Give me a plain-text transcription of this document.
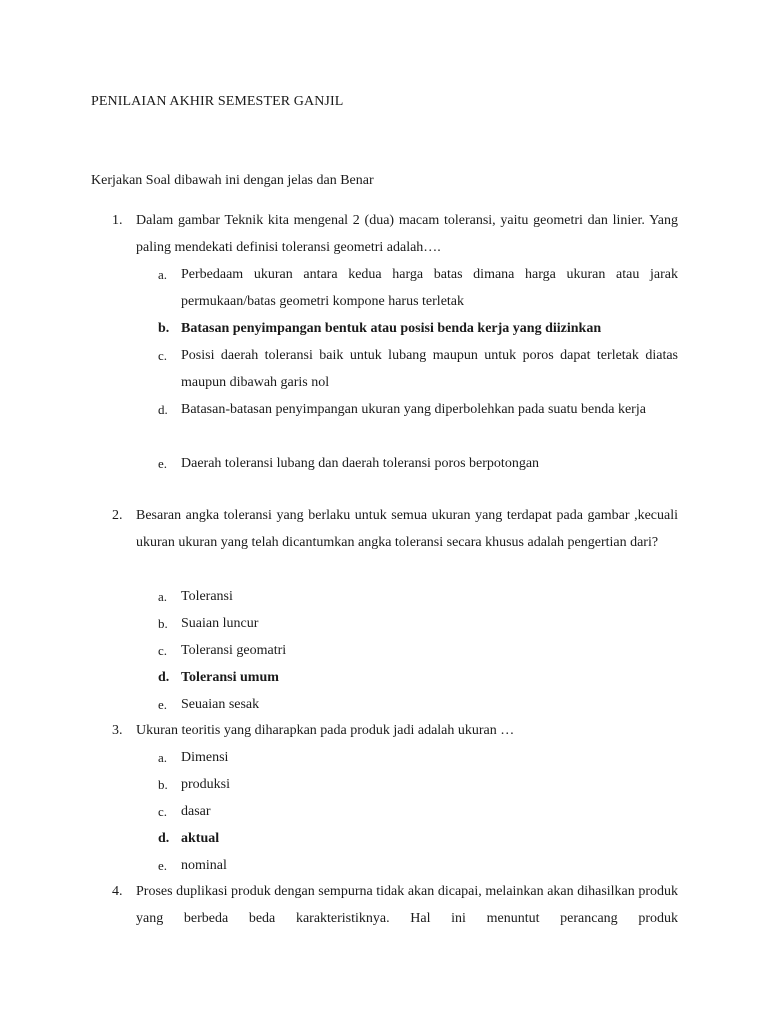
PENILAIAN AKHIR SEMESTER GANJIL
Kerjakan Soal dibawah ini dengan jelas dan Benar
1. Dalam gambar Teknik kita mengenal 2 (dua) macam toleransi, yaitu geometri dan linier. Yang paling mendekati definisi toleransi geometri adalah….
a. Perbedaam ukuran antara kedua harga batas dimana harga ukuran atau jarak permukaan/batas geometri kompone harus terletak
b. Batasan penyimpangan bentuk atau posisi benda kerja yang diizinkan
c. Posisi daerah toleransi baik untuk lubang maupun untuk poros dapat terletak diatas maupun dibawah garis nol
d. Batasan-batasan penyimpangan ukuran yang diperbolehkan pada suatu benda kerja
e. Daerah toleransi lubang dan daerah toleransi poros berpotongan
2. Besaran angka toleransi yang berlaku untuk semua ukuran yang terdapat pada gambar ,kecuali ukuran ukuran yang telah dicantumkan angka toleransi secara khusus adalah pengertian dari?
a. Toleransi
b. Suaian luncur
c. Toleransi geomatri
d. Toleransi umum
e. Seuaian sesak
3. Ukuran teoritis yang diharapkan pada produk jadi adalah ukuran …
a. Dimensi
b. produksi
c. dasar
d. aktual
e. nominal
4. Proses duplikasi produk dengan sempurna tidak akan dicapai, melainkan akan dihasilkan produk yang berbeda beda karakteristiknya. Hal ini menuntut perancang produk
